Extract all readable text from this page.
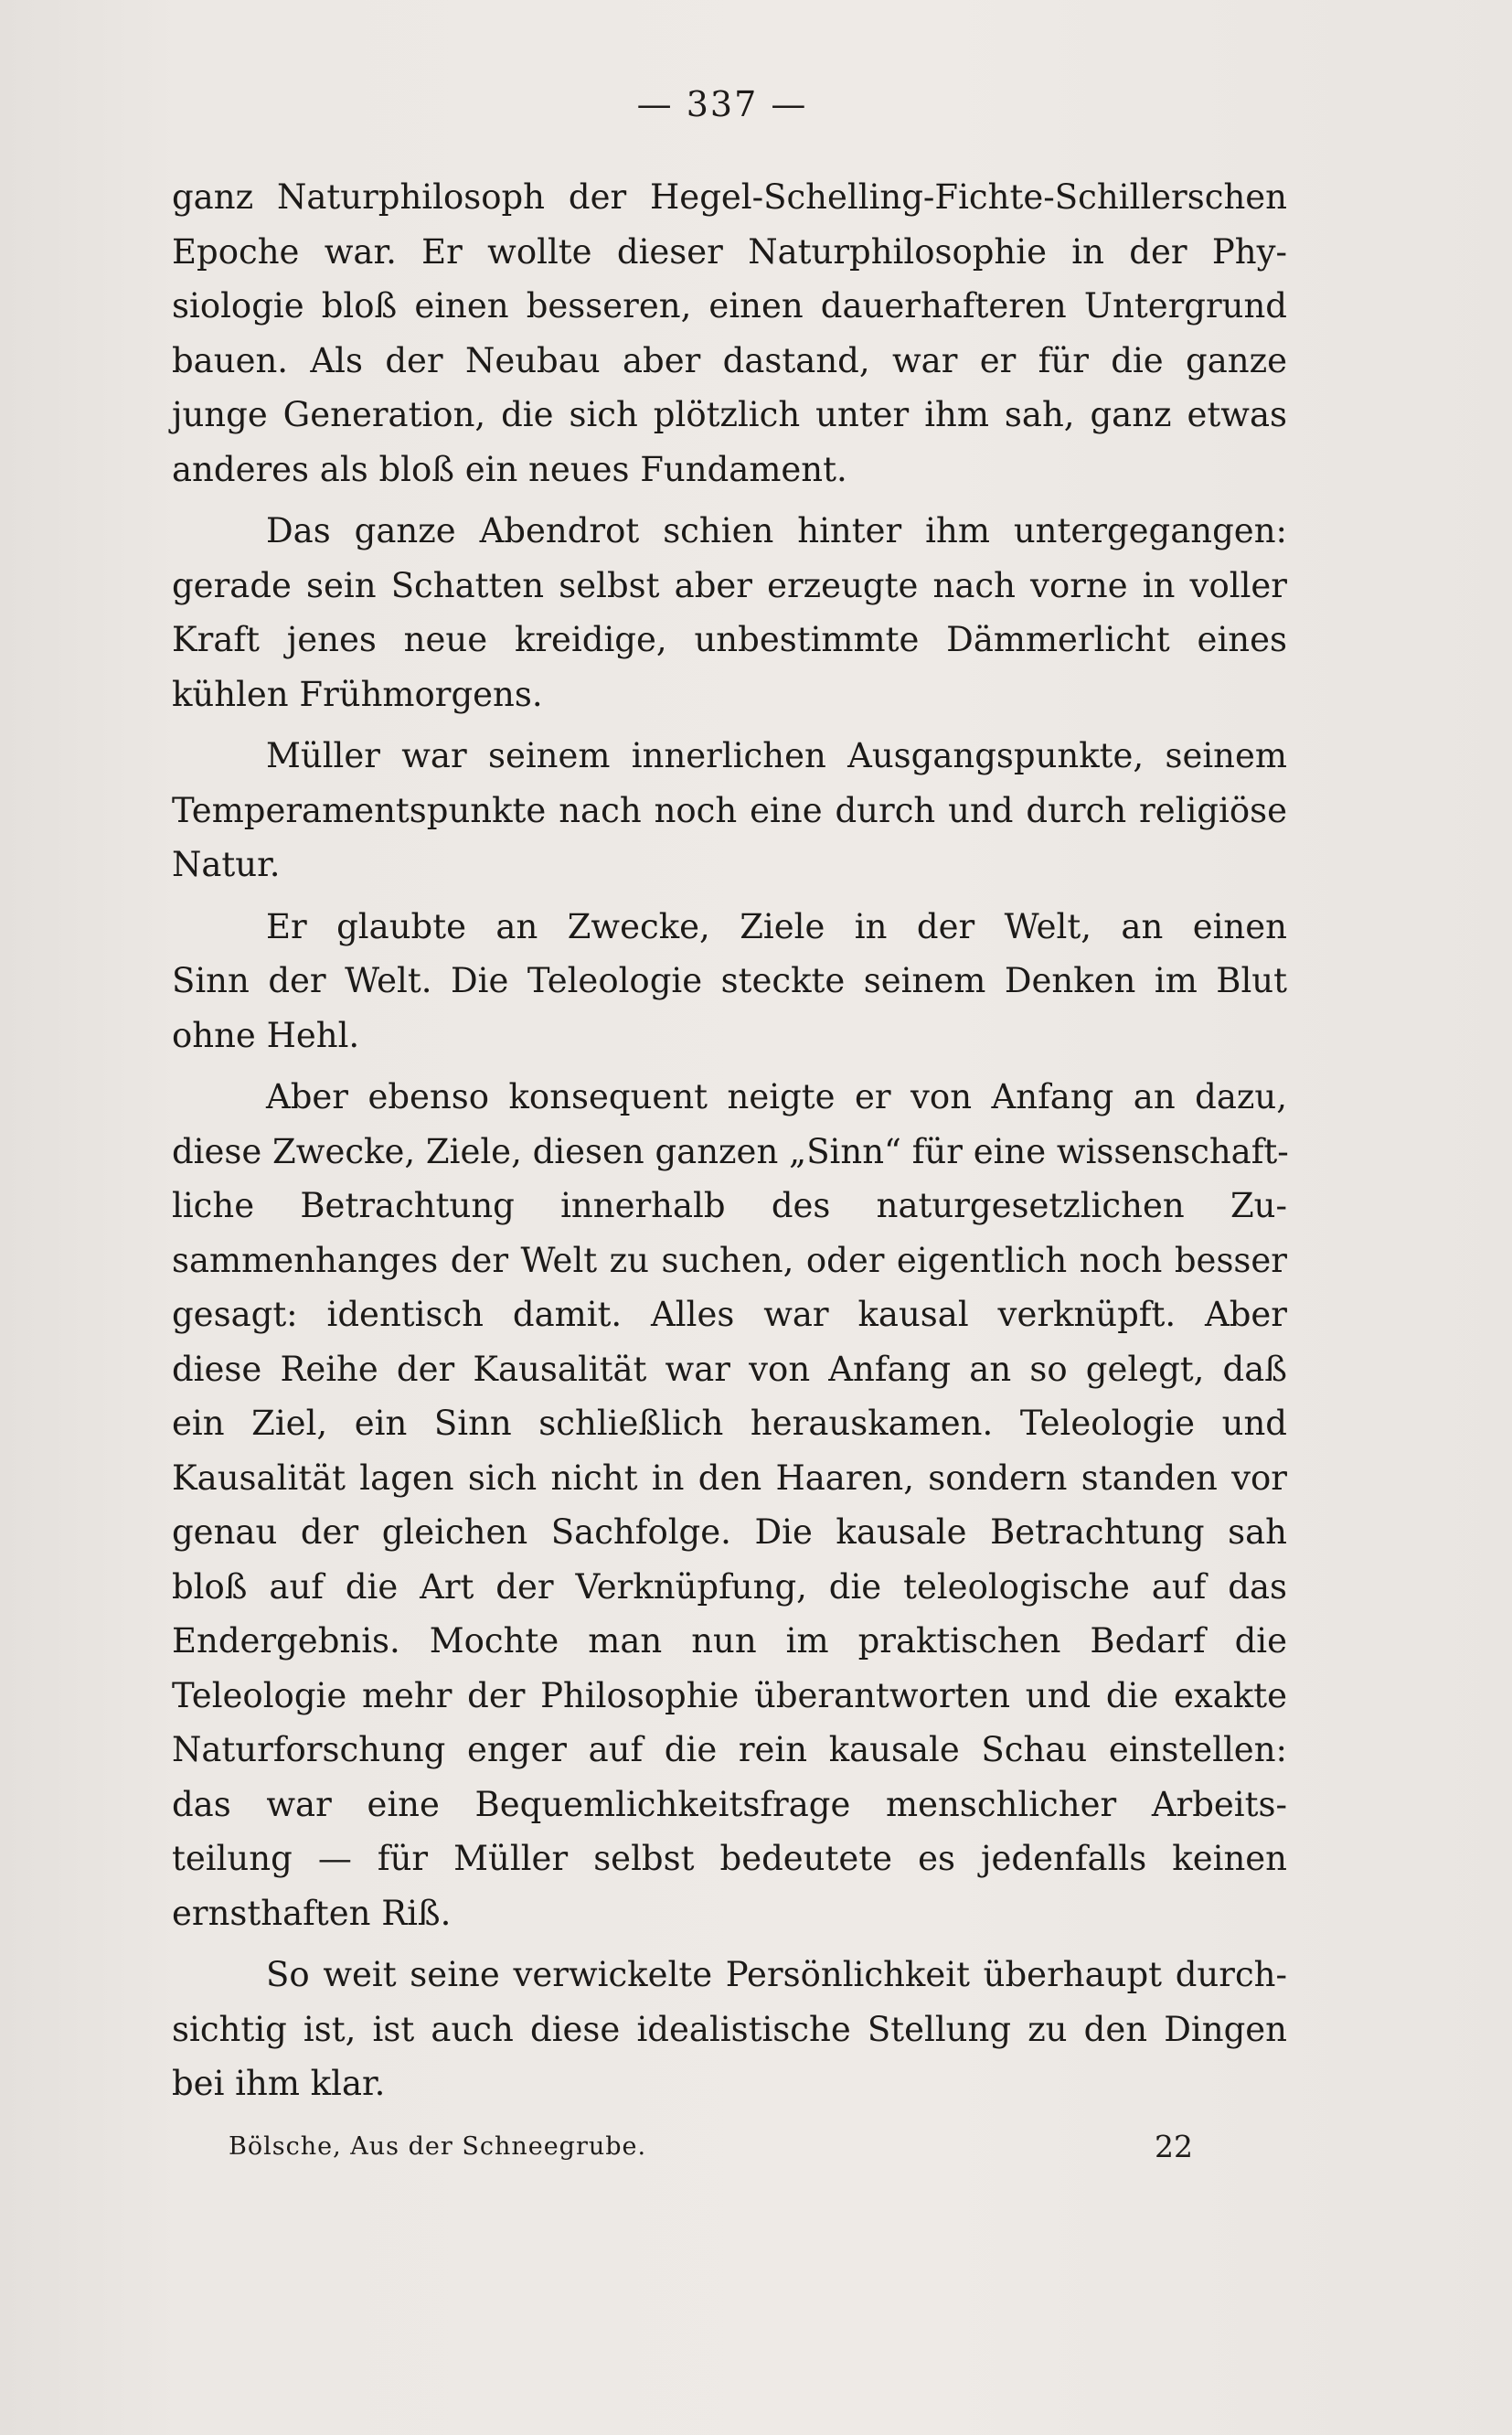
— 337 —
ganz Naturphilosoph der Hegel-Schelling-Fichte-Schillerschen
Epoche war. Er wollte dieser Naturphilosophie in der Phy-
siologie bloß einen besseren, einen dauerhafteren Untergrund
bauen. Als der Neubau aber dastand, war er für die ganze
junge Generation, die sich plötzlich unter ihm sah, ganz etwas
anderes als bloß ein neues Fundament.
Das ganze Abendrot schien hinter ihm untergegangen:
gerade sein Schatten selbst aber erzeugte nach vorne in voller
Kraft jenes neue kreidige, unbestimmte Dämmerlicht eines
kühlen Frühmorgens.
Müller war seinem innerlichen Ausgangspunkte, seinem
Temperamentspunkte nach noch eine durch und durch religiöse
Natur.
Er glaubte an Zwecke, Ziele in der Welt, an einen
Sinn der Welt. Die Teleologie steckte seinem Denken im Blut
ohne Hehl.
Aber ebenso konsequent neigte er von Anfang an dazu,
diese Zwecke, Ziele, diesen ganzen „Sinn“ für eine wissenschaft-
liche Betrachtung innerhalb des naturgesetzlichen Zu-
sammenhanges der Welt zu suchen, oder eigentlich noch besser
gesagt: identisch damit. Alles war kausal verknüpft. Aber
diese Reihe der Kausalität war von Anfang an so gelegt, daß
ein Ziel, ein Sinn schließlich herauskamen. Teleologie und
Kausalität lagen sich nicht in den Haaren, sondern standen vor
genau der gleichen Sachfolge. Die kausale Betrachtung sah
bloß auf die Art der Verknüpfung, die teleologische auf das
Endergebnis. Mochte man nun im praktischen Bedarf die
Teleologie mehr der Philosophie überantworten und die exakte
Naturforschung enger auf die rein kausale Schau einstellen:
das war eine Bequemlichkeitsfrage menschlicher Arbeits-
teilung — für Müller selbst bedeutete es jedenfalls keinen
ernsthaften Riß.
So weit seine verwickelte Persönlichkeit überhaupt durch-
sichtig ist, ist auch diese idealistische Stellung zu den Dingen
bei ihm klar.
Bölsche, Aus der Schneegrube.	22
